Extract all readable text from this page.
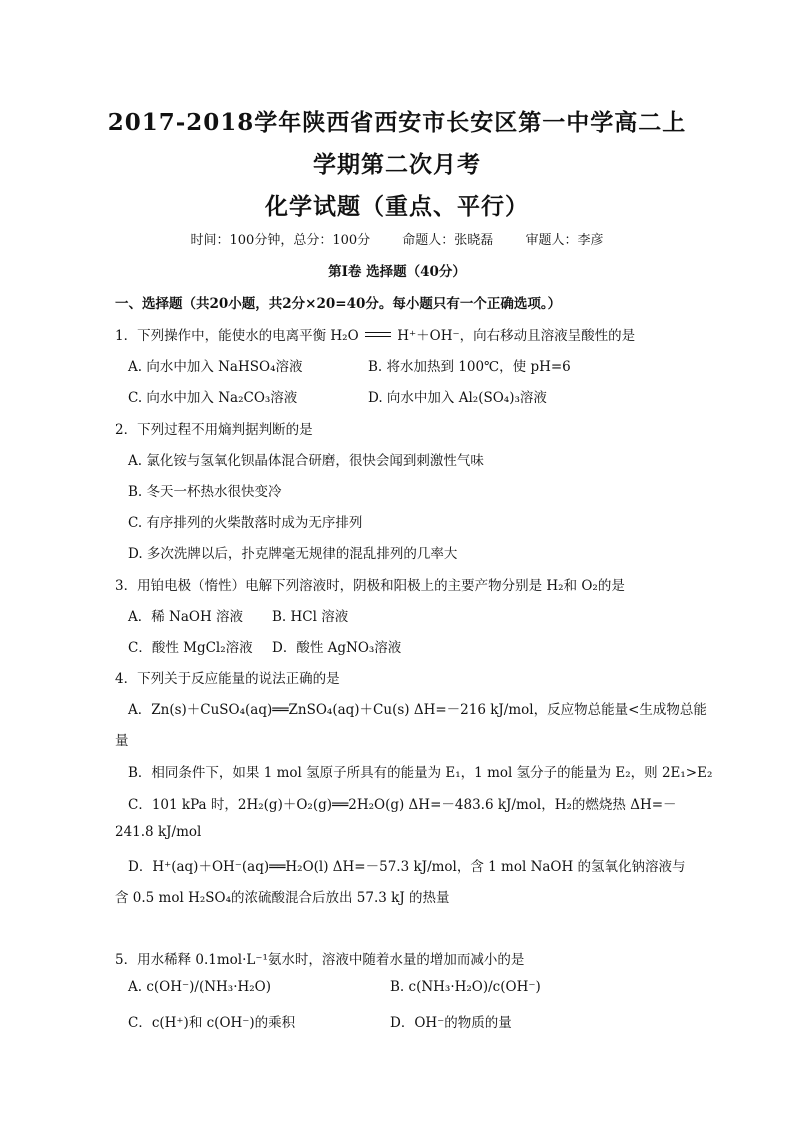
2017-2018学年陕西省西安市长安区第一中学高二上
学期第二次月考
化学试题（重点、平行）
时间：100分钟，总分：100分 命题人：张晓磊 审题人：李彦
第Ⅰ卷 选择题（40分）
一、选择题（共20小题，共2分×20=40分。每小题只有一个正确选项。）
1．下列操作中，能使水的电离平衡 H₂O	H⁺＋OH⁻，向右移动且溶液呈酸性的是
A. 向水中加入 NaHSO₄溶液	B. 将水加热到 100℃，使 pH=6
C. 向水中加入 Na₂CO₃溶液	D. 向水中加入 Al₂(SO₄)₃溶液
2．下列过程不用熵判据判断的是
A. 氯化铵与氢氧化钡晶体混合研磨，很快会闻到刺激性气味
B. 冬天一杯热水很快变冷
C. 有序排列的火柴散落时成为无序排列
D. 多次洗牌以后，扑克牌毫无规律的混乱排列的几率大
3．用铂电极（惰性）电解下列溶液时，阴极和阳极上的主要产物分别是 H₂和 O₂的是
A．稀 NaOH 溶液 B. HCl 溶液
C．酸性 MgCl₂溶液 D．酸性 AgNO₃溶液
4．下列关于反应能量的说法正确的是
A．Zn(s)＋CuSO₄(aq)══ZnSO₄(aq)＋Cu(s) ΔH=－216 kJ/mol，反应物总能量<生成物总能
量
B．相同条件下，如果 1 mol 氢原子所具有的能量为 E₁，1 mol 氢分子的能量为 E₂，则 2E₁>E₂
C．101 kPa 时，2H₂(g)＋O₂(g)══2H₂O(g) ΔH=－483.6 kJ/mol，H₂的燃烧热 ΔH=－
241.8 kJ/mol
D．H⁺(aq)＋OH⁻(aq)══H₂O(l) ΔH=－57.3 kJ/mol，含 1 mol NaOH 的氢氧化钠溶液与
含 0.5 mol H₂SO₄的浓硫酸混合后放出 57.3 kJ 的热量
5．用水稀释 0.1mol·L⁻¹氨水时，溶液中随着水量的增加而减小的是
A. c(OH⁻)/(NH₃·H₂O)	B. c(NH₃·H₂O)/c(OH⁻)
C．c(H⁺)和 c(OH⁻)的乘积	D．OH⁻的物质的量
